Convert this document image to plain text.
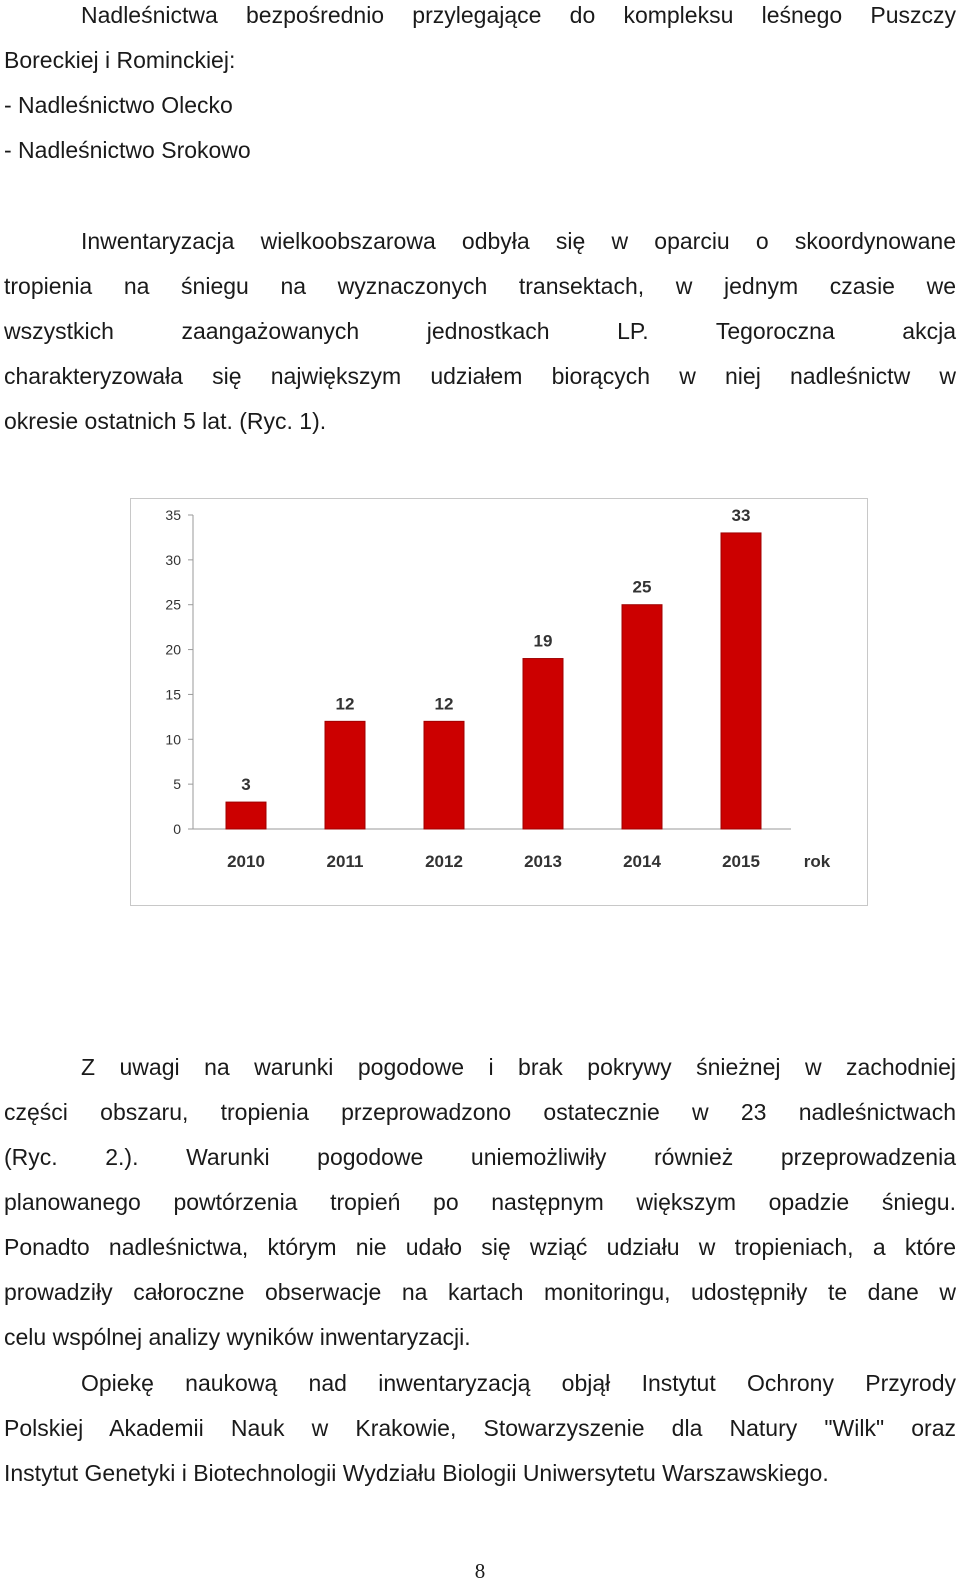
Nadleśnictwa bezpośrednio przylegające do kompleksu leśnego Puszczy
Boreckiej i Rominckiej:
- Nadleśnictwo Olecko
- Nadleśnictwo Srokowo
Inwentaryzacja wielkoobszarowa odbyła się w oparciu o skoordynowane
tropienia na śniegu na wyznaczonych transektach, w jednym czasie we
wszystkich zaangażowanych jednostkach LP. Tegoroczna akcja
charakteryzowała się największym udziałem biorących w niej nadleśnictw w
okresie ostatnich 5 lat. (Ryc. 1).
0
5
10
15
20
25
30
35
3
2010
12
2011
12
2012
19
2013
25
2014
33
2015	rok
Z uwagi na warunki pogodowe i brak pokrywy śnieżnej w zachodniej
części obszaru, tropienia przeprowadzono ostatecznie w 23 nadleśnictwach
(Ryc. 2.). Warunki pogodowe uniemożliwiły również przeprowadzenia
planowanego powtórzenia tropień po następnym większym opadzie śniegu.
Ponadto nadleśnictwa, którym nie udało się wziąć udziału w tropieniach, a które
prowadziły całoroczne obserwacje na kartach monitoringu, udostępniły te dane w
celu wspólnej analizy wyników inwentaryzacji.
Opiekę naukową nad inwentaryzacją objął Instytut Ochrony Przyrody
Polskiej Akademii Nauk w Krakowie, Stowarzyszenie dla Natury "Wilk" oraz
Instytut Genetyki i Biotechnologii Wydziału Biologii Uniwersytetu Warszawskiego.
8
